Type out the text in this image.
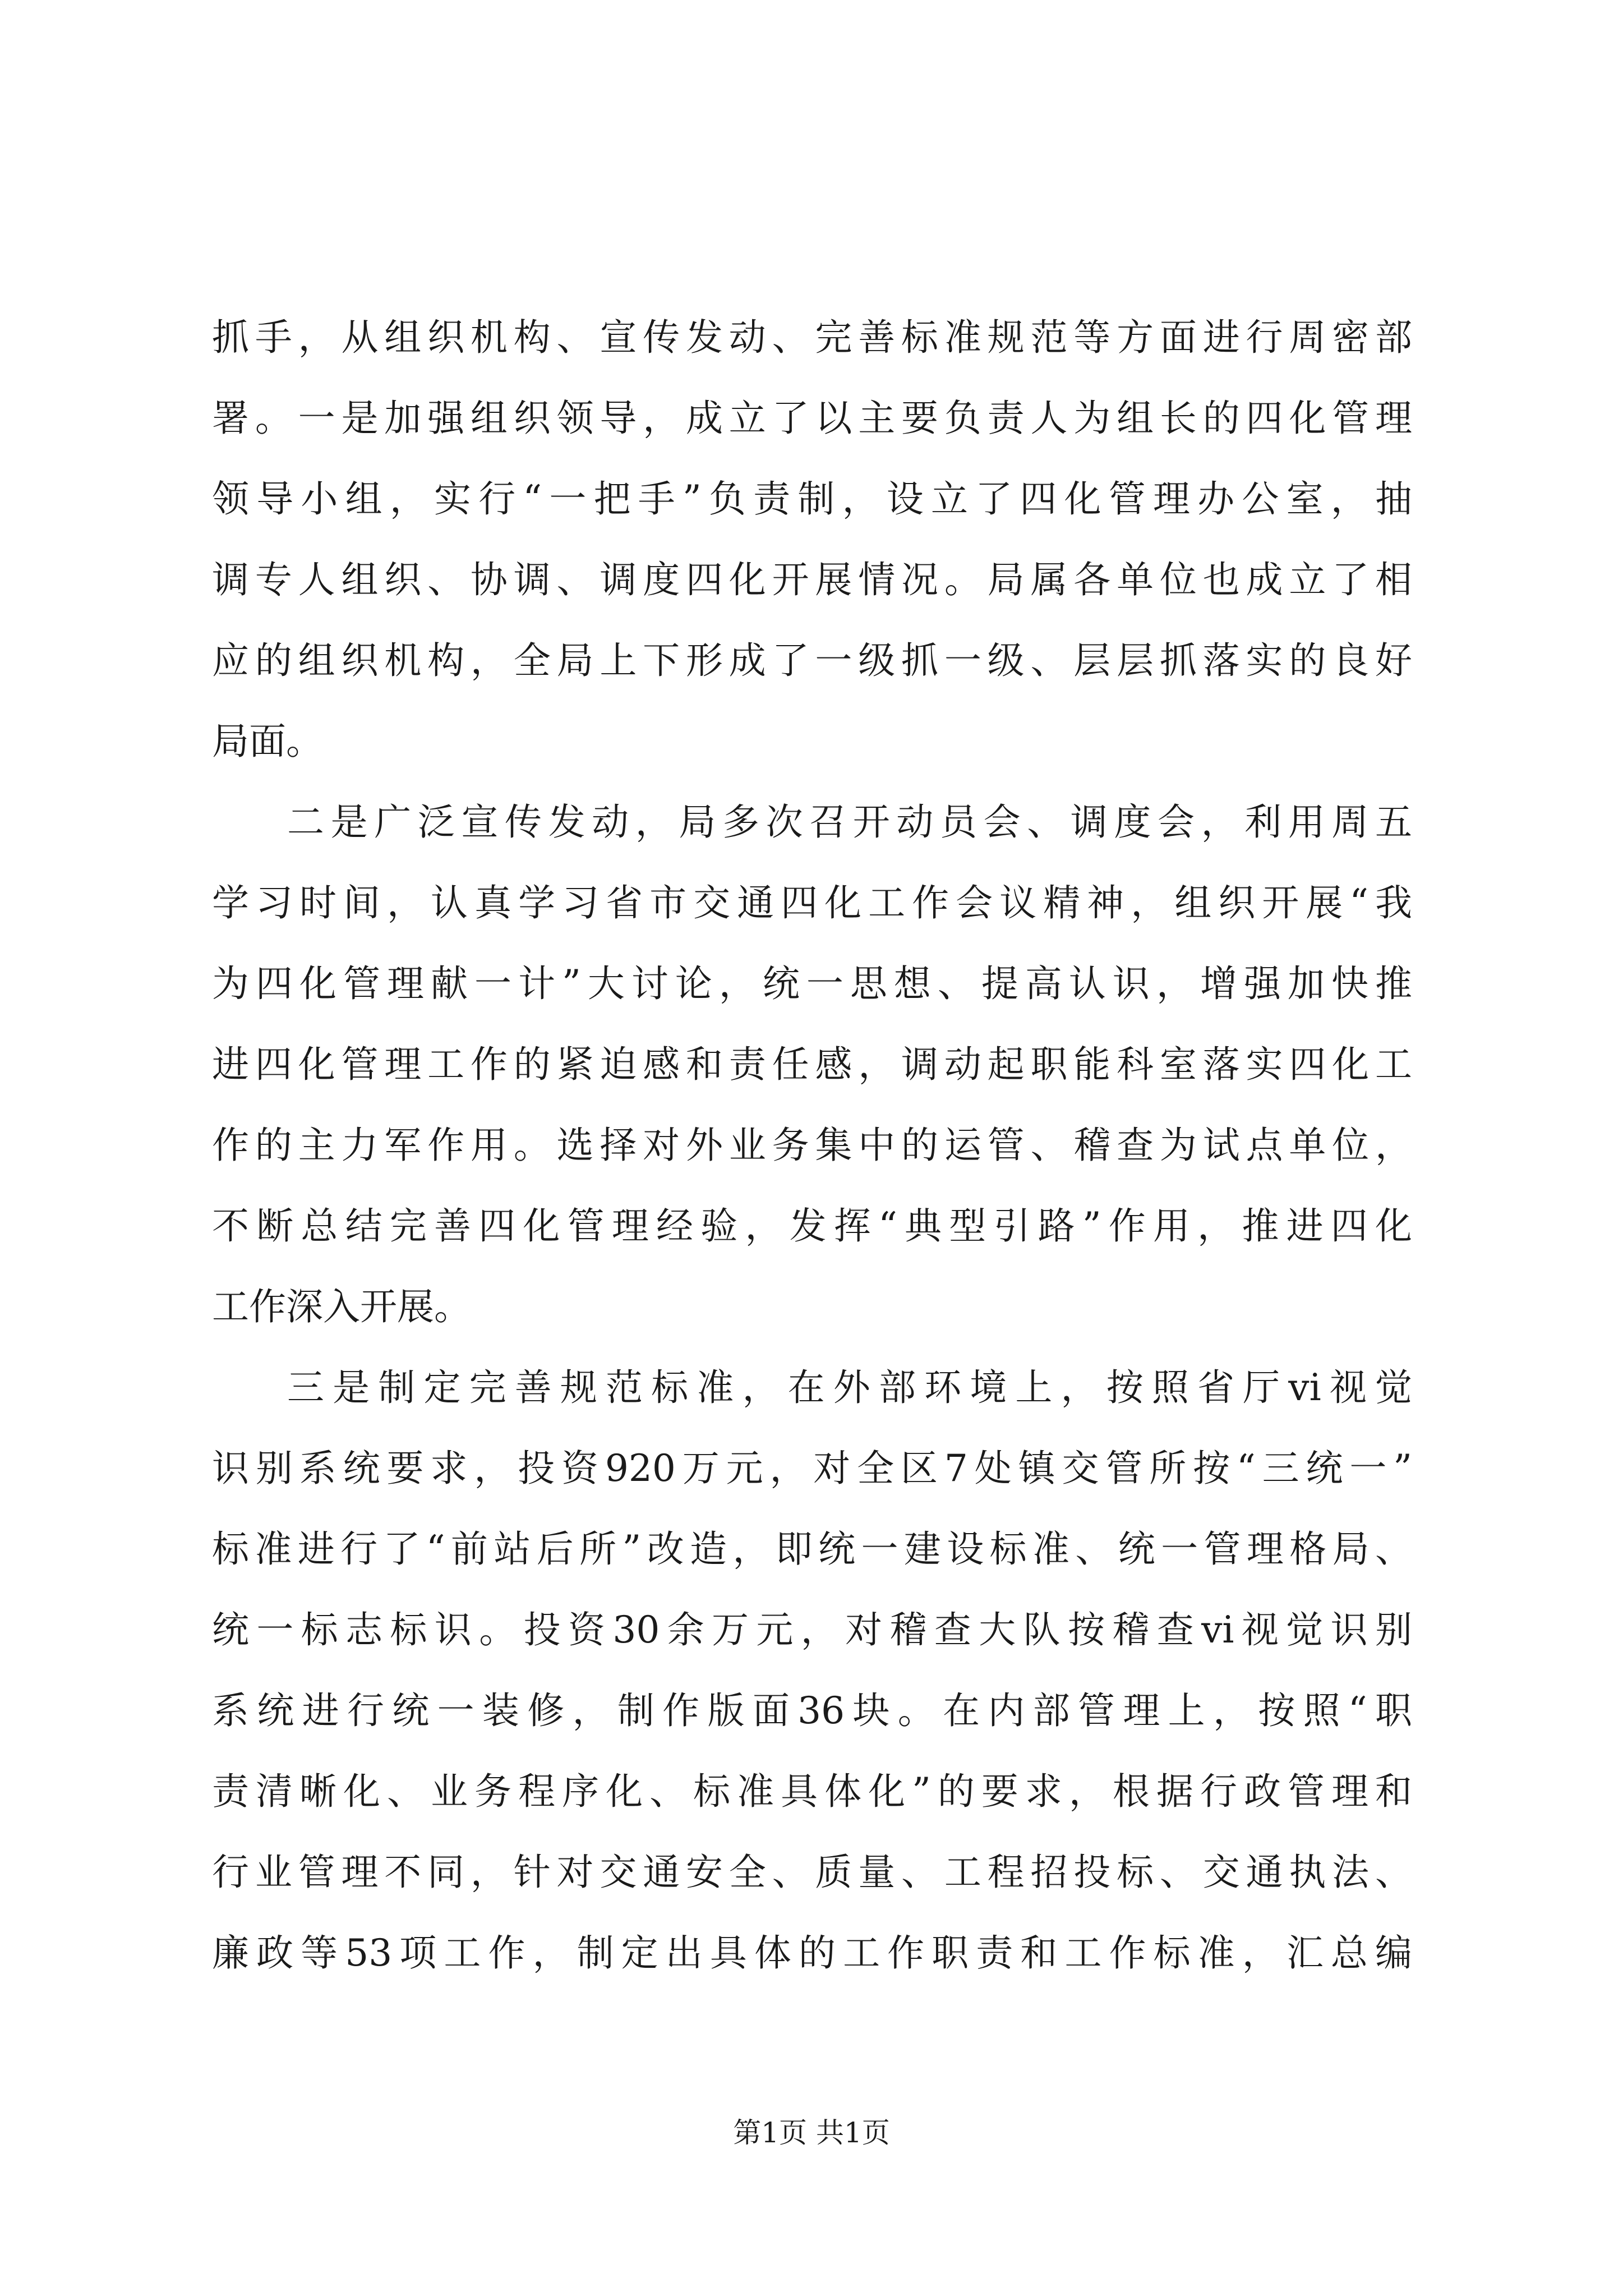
抓手，从组织机构、宣传发动、完善标准规范等方面进行周密部
署。一是加强组织领导，成立了以主要负责人为组长的四化管理
领导小组，实行“一把手”负责制，设立了四化管理办公室，抽
调专人组织、协调、调度四化开展情况。局属各单位也成立了相
应的组织机构，全局上下形成了一级抓一级、层层抓落实的良好
局面。
二是广泛宣传发动，局多次召开动员会、调度会，利用周五
学习时间，认真学习省市交通四化工作会议精神，组织开展“我
为四化管理献一计”大讨论，统一思想、提高认识，增强加快推
进四化管理工作的紧迫感和责任感，调动起职能科室落实四化工
作的主力军作用。选择对外业务集中的运管、稽查为试点单位，
不断总结完善四化管理经验，发挥“典型引路”作用，推进四化
工作深入开展。
三是制定完善规范标准，在外部环境上，按照省厅vi视觉
识别系统要求，投资920万元，对全区7处镇交管所按“三统一”
标准进行了“前站后所”改造，即统一建设标准、统一管理格局、
统一标志标识。投资30余万元，对稽查大队按稽查vi视觉识别
系统进行统一装修，制作版面36块。在内部管理上，按照“职
责清晰化、业务程序化、标准具体化”的要求，根据行政管理和
行业管理不同，针对交通安全、质量、工程招投标、交通执法、
廉政等53项工作，制定出具体的工作职责和工作标准，汇总编
第1页 共1页
